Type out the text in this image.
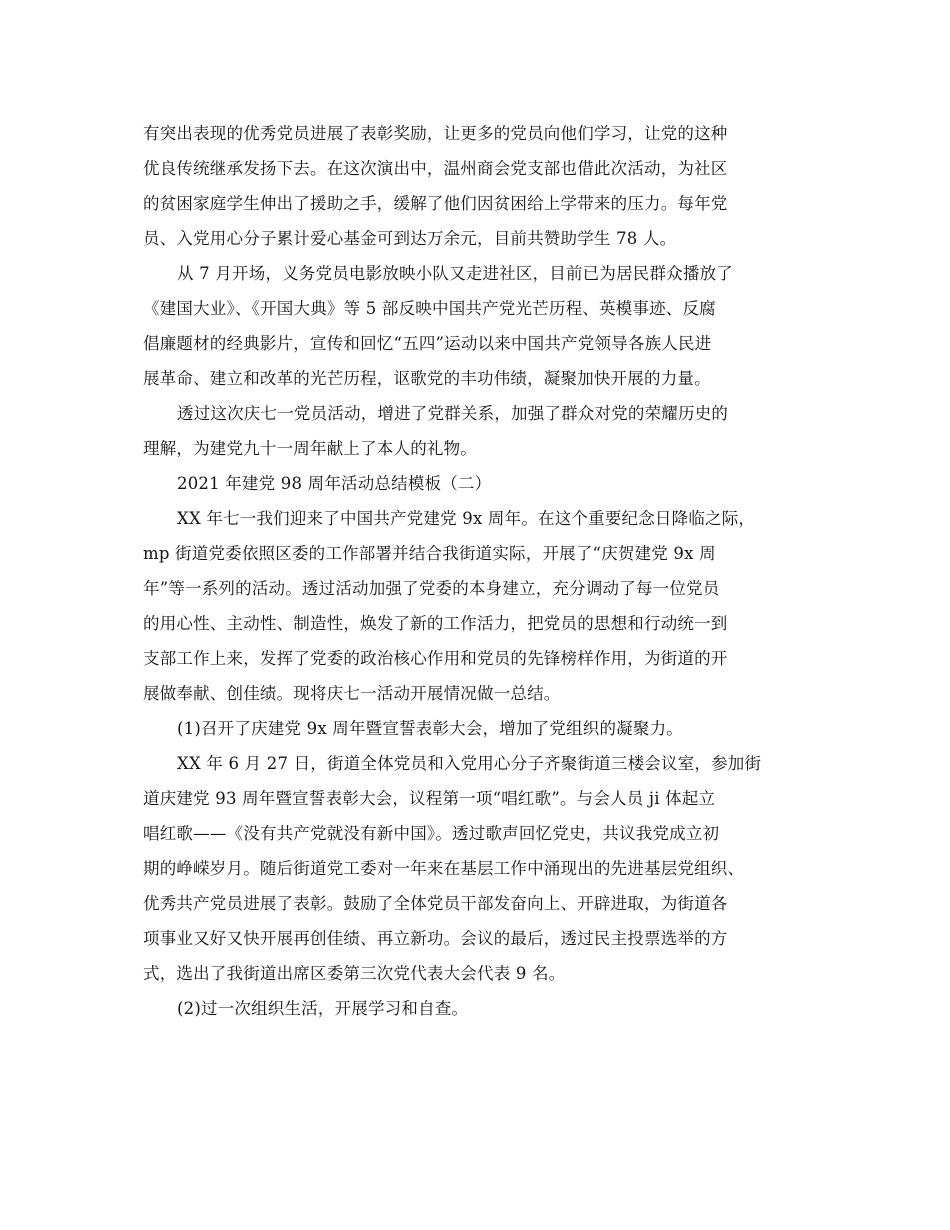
有突出表现的优秀党员进展了表彰奖励，让更多的党员向他们学习，让党的这种

优良传统继承发扬下去。在这次演出中，温州商会党支部也借此次活动，为社区

的贫困家庭学生伸出了援助之手，缓解了他们因贫困给上学带来的压力。每年党

员、入党用心分子累计爱心基金可到达万余元，目前共赞助学生 78 人。

从 7 月开场，义务党员电影放映小队又走进社区，目前已为居民群众播放了

《建国大业》、《开国大典》等 5 部反映中国共产党光芒历程、英模事迹、反腐

倡廉题材的经典影片，宣传和回忆“五四”运动以来中国共产党领导各族人民进

展革命、建立和改革的光芒历程，讴歌党的丰功伟绩，凝聚加快开展的力量。

透过这次庆七一党员活动，增进了党群关系，加强了群众对党的荣耀历史的

理解，为建党九十一周年献上了本人的礼物。

2021 年建党 98 周年活动总结模板（二）

XX 年七一我们迎来了中国共产党建党 9x 周年。在这个重要纪念日降临之际，

mp 街道党委依照区委的工作部署并结合我街道实际，开展了“庆贺建党 9x 周

年”等一系列的活动。透过活动加强了党委的本身建立，充分调动了每一位党员

的用心性、主动性、制造性，焕发了新的工作活力，把党员的思想和行动统一到

支部工作上来，发挥了党委的政治核心作用和党员的先锋榜样作用，为街道的开

展做奉献、创佳绩。现将庆七一活动开展情况做一总结。

(1)召开了庆建党 9x 周年暨宣誓表彰大会，增加了党组织的凝聚力。

XX 年 6 月 27 日，街道全体党员和入党用心分子齐聚街道三楼会议室，参加街

道庆建党 93 周年暨宣誓表彰大会，议程第一项“唱红歌”。与会人员 ji 体起立

唱红歌——《没有共产党就没有新中国》。透过歌声回忆党史，共议我党成立初

期的峥嵘岁月。随后街道党工委对一年来在基层工作中涌现出的先进基层党组织、

优秀共产党员进展了表彰。鼓励了全体党员干部发奋向上、开辟进取，为街道各

项事业又好又快开展再创佳绩、再立新功。会议的最后，透过民主投票选举的方

式，选出了我街道出席区委第三次党代表大会代表 9 名。

(2)过一次组织生活，开展学习和自查。
